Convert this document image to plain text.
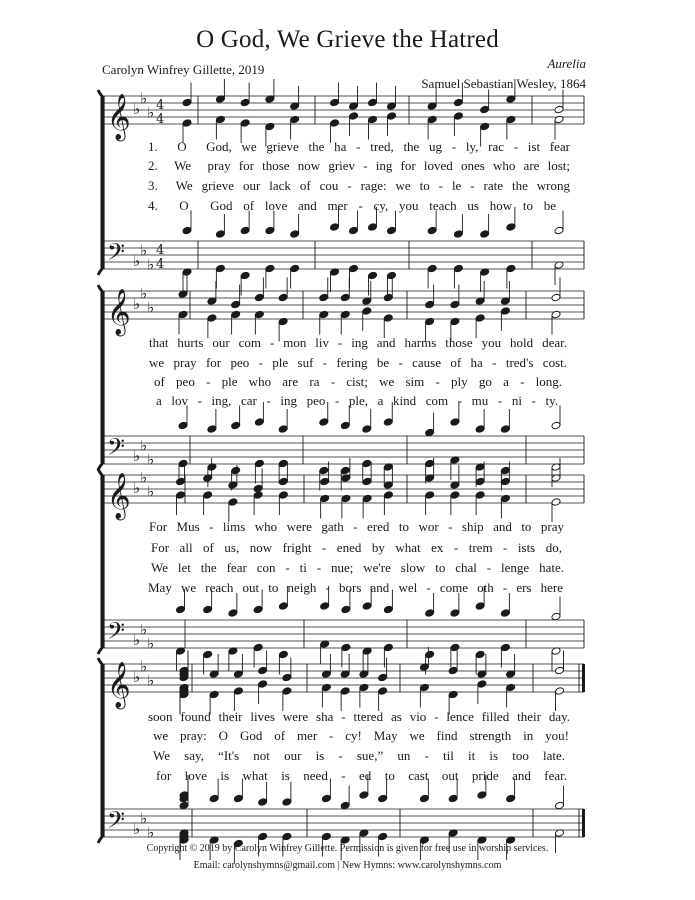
O God, We Grieve the Hatred
Carolyn Winfrey Gillette, 2019	Aurelia
Samuel Sebastian Wesley, 1864
𝄞 ♭
♭
♭ 4
4
𝄢 ♭
♭
♭
4
4
𝄞 ♭
♭
♭
𝄢 ♭
♭
♭
𝄞 ♭
♭
♭
𝄢 ♭
♭
♭
𝄞 ♭
♭
♭
𝄢 ♭
♭
♭
1.  O  God, we grieve the ha - tred, the ug - ly, rac - ist fear
2.  We  pray for those now griev - ing for loved ones who are lost;
3.  We grieve our lack of cou - rage: we to - le - rate the wrong
4.  O  God of love and mer - cy, you teach us how to be
that hurts our com - mon liv - ing and harms those you hold dear.
we pray for peo - ple suf - fering be - cause of ha - tred's cost.
of peo - ple who are ra - cist; we sim - ply go a - long.
a lov - ing, car - ing peo - ple, a kind com - mu - ni - ty.
For Mus - lims who were gath - ered to wor - ship and to pray
For all of us, now fright - ened by what ex - trem - ists do,
We let the fear con - ti - nue; we're slow to chal - lenge hate.
May we reach out to neigh - bors and wel - come oth - ers here
soon found their lives were sha - ttered as vio - lence filled their day.
we pray: O God of mer - cy! May we find strength in you!
We say, “It's not our is - sue,” un - til it is too late.
for love is what is need - ed to cast out pride and fear.
Copyright © 2019 by Carolyn Winfrey Gillette. Permission is given for free use in worship services.
Email: carolynshymns@gmail.com | New Hymns: www.carolynshymns.com
